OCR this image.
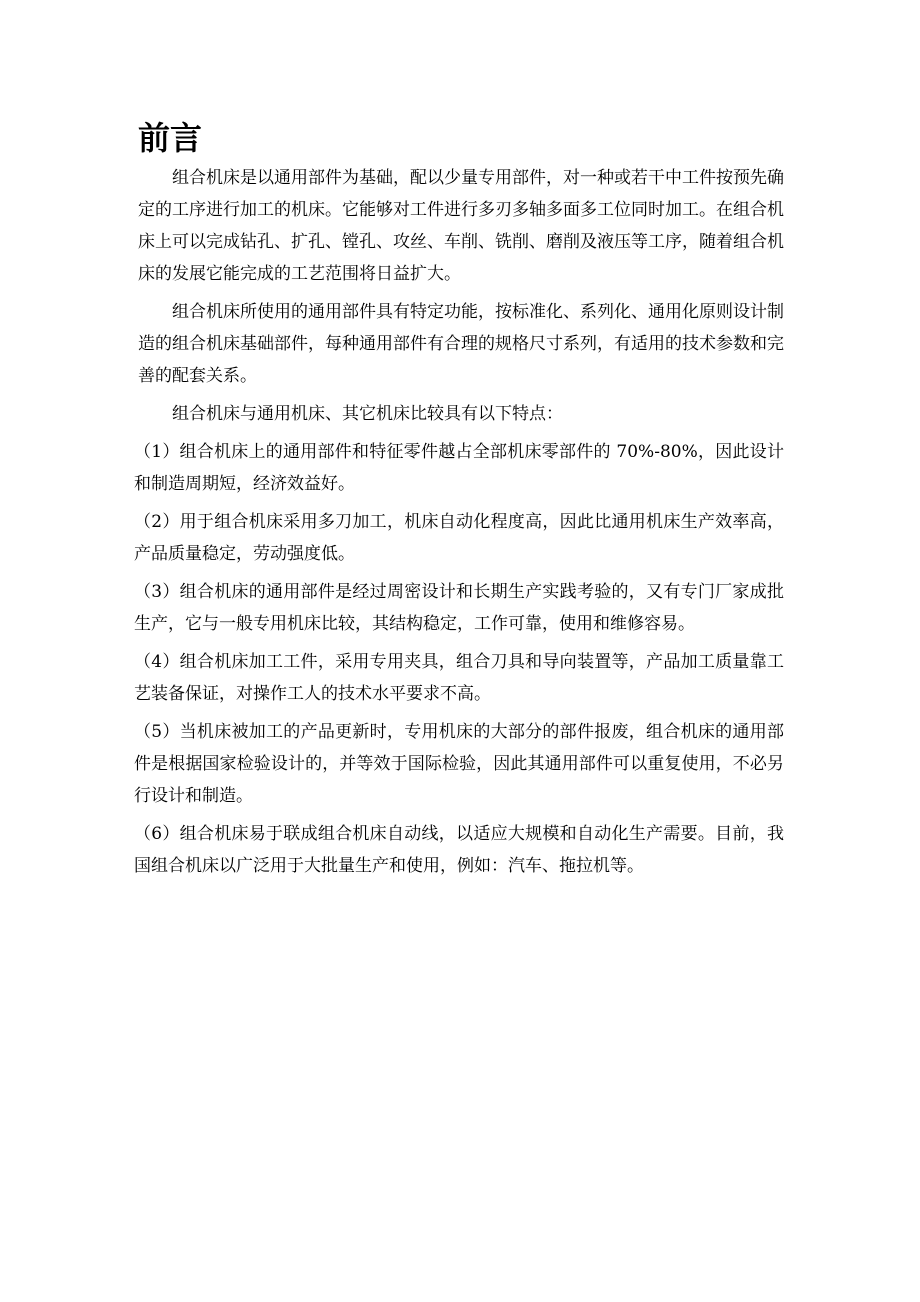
前言

组合机床是以通用部件为基础，配以少量专用部件，对一种或若干中工件按预先确定的工序进行加工的机床。它能够对工件进行多刃多轴多面多工位同时加工。在组合机床上可以完成钻孔、扩孔、镗孔、攻丝、车削、铣削、磨削及液压等工序，随着组合机床的发展它能完成的工艺范围将日益扩大。

组合机床所使用的通用部件具有特定功能，按标准化、系列化、通用化原则设计制造的组合机床基础部件，每种通用部件有合理的规格尺寸系列，有适用的技术参数和完善的配套关系。

组合机床与通用机床、其它机床比较具有以下特点：

（1）组合机床上的通用部件和特征零件越占全部机床零部件的 70%-80%，因此设计和制造周期短，经济效益好。

（2）用于组合机床采用多刀加工，机床自动化程度高，因此比通用机床生产效率高，产品质量稳定，劳动强度低。

（3）组合机床的通用部件是经过周密设计和长期生产实践考验的，又有专门厂家成批生产，它与一般专用机床比较，其结构稳定，工作可靠，使用和维修容易。

（4）组合机床加工工件，采用专用夹具，组合刀具和导向装置等，产品加工质量靠工艺装备保证，对操作工人的技术水平要求不高。

（5）当机床被加工的产品更新时，专用机床的大部分的部件报废，组合机床的通用部件是根据国家检验设计的，并等效于国际检验，因此其通用部件可以重复使用，不必另行设计和制造。

（6）组合机床易于联成组合机床自动线，以适应大规模和自动化生产需要。目前，我国组合机床以广泛用于大批量生产和使用，例如：汽车、拖拉机等。
